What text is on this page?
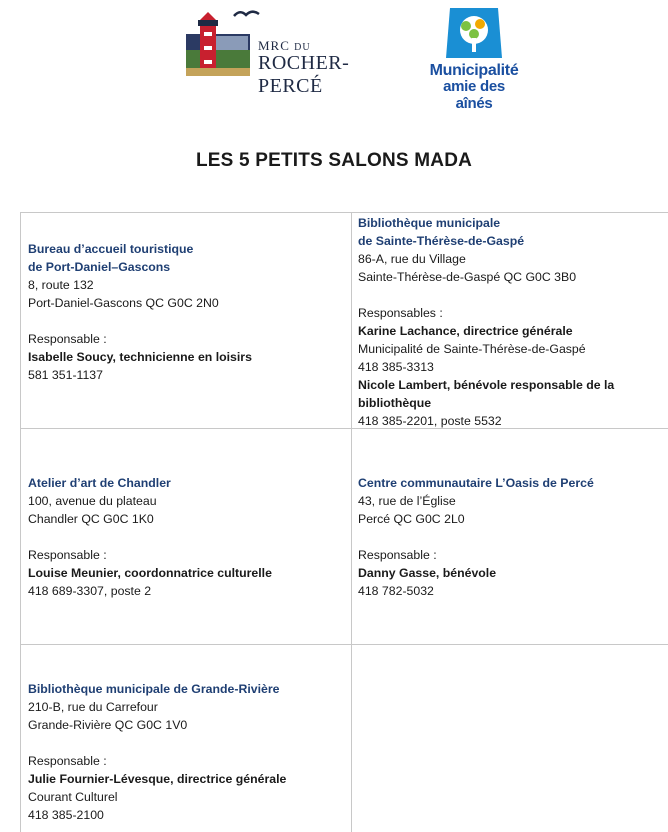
MRC DU
ROCHER-PERCÉ
Municipalité
amie des aînés
LES 5 PETITS SALONS MADA
Bureau d’accueil touristique
de Port-Daniel–Gascons
8, route 132
Port-Daniel-Gascons QC G0C 2N0
Responsable :
Isabelle Soucy, technicienne en loisirs
581 351-1137
Bibliothèque municipale
de Sainte-Thérèse-de-Gaspé
86-A, rue du Village
Sainte-Thérèse-de-Gaspé QC G0C 3B0
Responsables :
Karine Lachance, directrice générale
Municipalité de Sainte-Thérèse-de-Gaspé
418 385-3313
Nicole Lambert, bénévole responsable de la
bibliothèque
418 385-2201, poste 5532
Atelier d’art de Chandler
100, avenue du plateau
Chandler QC G0C 1K0
Responsable :
Louise Meunier, coordonnatrice culturelle
418 689-3307, poste 2
Centre communautaire L’Oasis de Percé
43, rue de l’Église
Percé QC G0C 2L0
Responsable :
Danny Gasse, bénévole
418 782-5032
Bibliothèque municipale de Grande-Rivière
210-B, rue du Carrefour
Grande-Rivière QC G0C 1V0
Responsable :
Julie Fournier-Lévesque, directrice générale
Courant Culturel
418 385-2100
